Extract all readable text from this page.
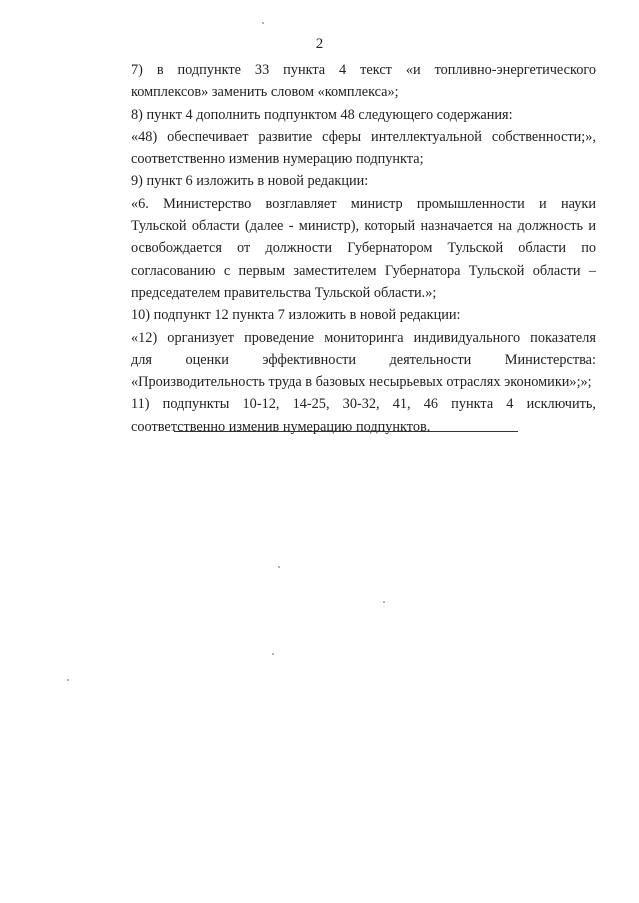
2
7) в подпункте 33 пункта 4 текст «и топливно-энергетического
комплексов» заменить словом «комплекса»;
8) пункт 4 дополнить подпунктом 48 следующего содержания:
«48) обеспечивает развитие сферы интеллектуальной собственности;»,
соответственно изменив нумерацию подпункта;
9) пункт 6 изложить в новой редакции:
«6. Министерство возглавляет министр промышленности и науки
Тульской области (далее - министр), который назначается на должность и
освобождается от должности Губернатором Тульской области по
согласованию с первым заместителем Губернатора Тульской области –
председателем правительства Тульской области.»;
10) подпункт 12 пункта 7 изложить в новой редакции:
«12) организует проведение мониторинга индивидуального показателя
для оценки эффективности деятельности Министерства:
«Производительность труда в базовых несырьевых отраслях экономики»;»;
11) подпункты 10-12, 14-25, 30-32, 41, 46 пункта 4 исключить,
соответственно изменив нумерацию подпунктов.
